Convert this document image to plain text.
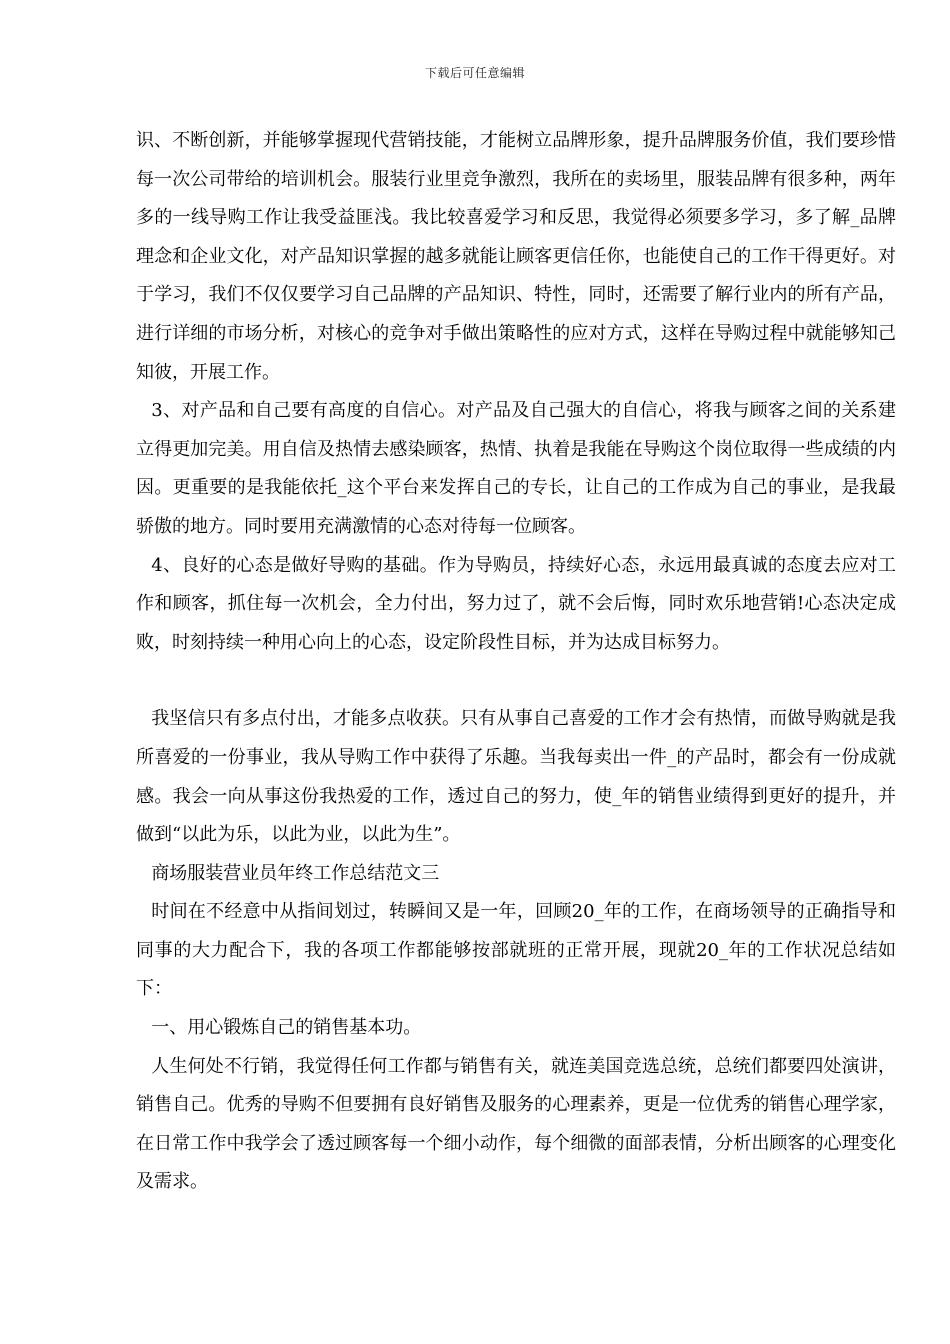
下载后可任意编辑

识、不断创新，并能够掌握现代营销技能，才能树立品牌形象，提升品牌服务价值，我们要珍惜每一次公司带给的培训机会。服装行业里竞争激烈，我所在的卖场里，服装品牌有很多种，两年多的一线导购工作让我受益匪浅。我比较喜爱学习和反思，我觉得必须要多学习，多了解_品牌理念和企业文化，对产品知识掌握的越多就能让顾客更信任你，也能使自己的工作干得更好。对于学习，我们不仅仅要学习自己品牌的产品知识、特性，同时，还需要了解行业内的所有产品，进行详细的市场分析，对核心的竞争对手做出策略性的应对方式，这样在导购过程中就能够知己知彼，开展工作。

3、对产品和自己要有高度的自信心。对产品及自己强大的自信心，将我与顾客之间的关系建立得更加完美。用自信及热情去感染顾客，热情、执着是我能在导购这个岗位取得一些成绩的内因。更重要的是我能依托_这个平台来发挥自己的专长，让自己的工作成为自己的事业，是我最骄傲的地方。同时要用充满激情的心态对待每一位顾客。

4、良好的心态是做好导购的基础。作为导购员，持续好心态，永远用最真诚的态度去应对工作和顾客，抓住每一次机会，全力付出，努力过了，就不会后悔，同时欢乐地营销!心态决定成败，时刻持续一种用心向上的心态，设定阶段性目标，并为达成目标努力。

我坚信只有多点付出，才能多点收获。只有从事自己喜爱的工作才会有热情，而做导购就是我所喜爱的一份事业，我从导购工作中获得了乐趣。当我每卖出一件_的产品时，都会有一份成就感。我会一向从事这份我热爱的工作，透过自己的努力，使_年的销售业绩得到更好的提升，并做到“以此为乐，以此为业，以此为生”。

商场服装营业员年终工作总结范文三

时间在不经意中从指间划过，转瞬间又是一年，回顾20_年的工作，在商场领导的正确指导和同事的大力配合下，我的各项工作都能够按部就班的正常开展，现就20_年的工作状况总结如下：

一、用心锻炼自己的销售基本功。

人生何处不行销，我觉得任何工作都与销售有关，就连美国竞选总统，总统们都要四处演讲，销售自己。优秀的导购不但要拥有良好销售及服务的心理素养，更是一位优秀的销售心理学家，在日常工作中我学会了透过顾客每一个细小动作，每个细微的面部表情，分析出顾客的心理变化及需求。
